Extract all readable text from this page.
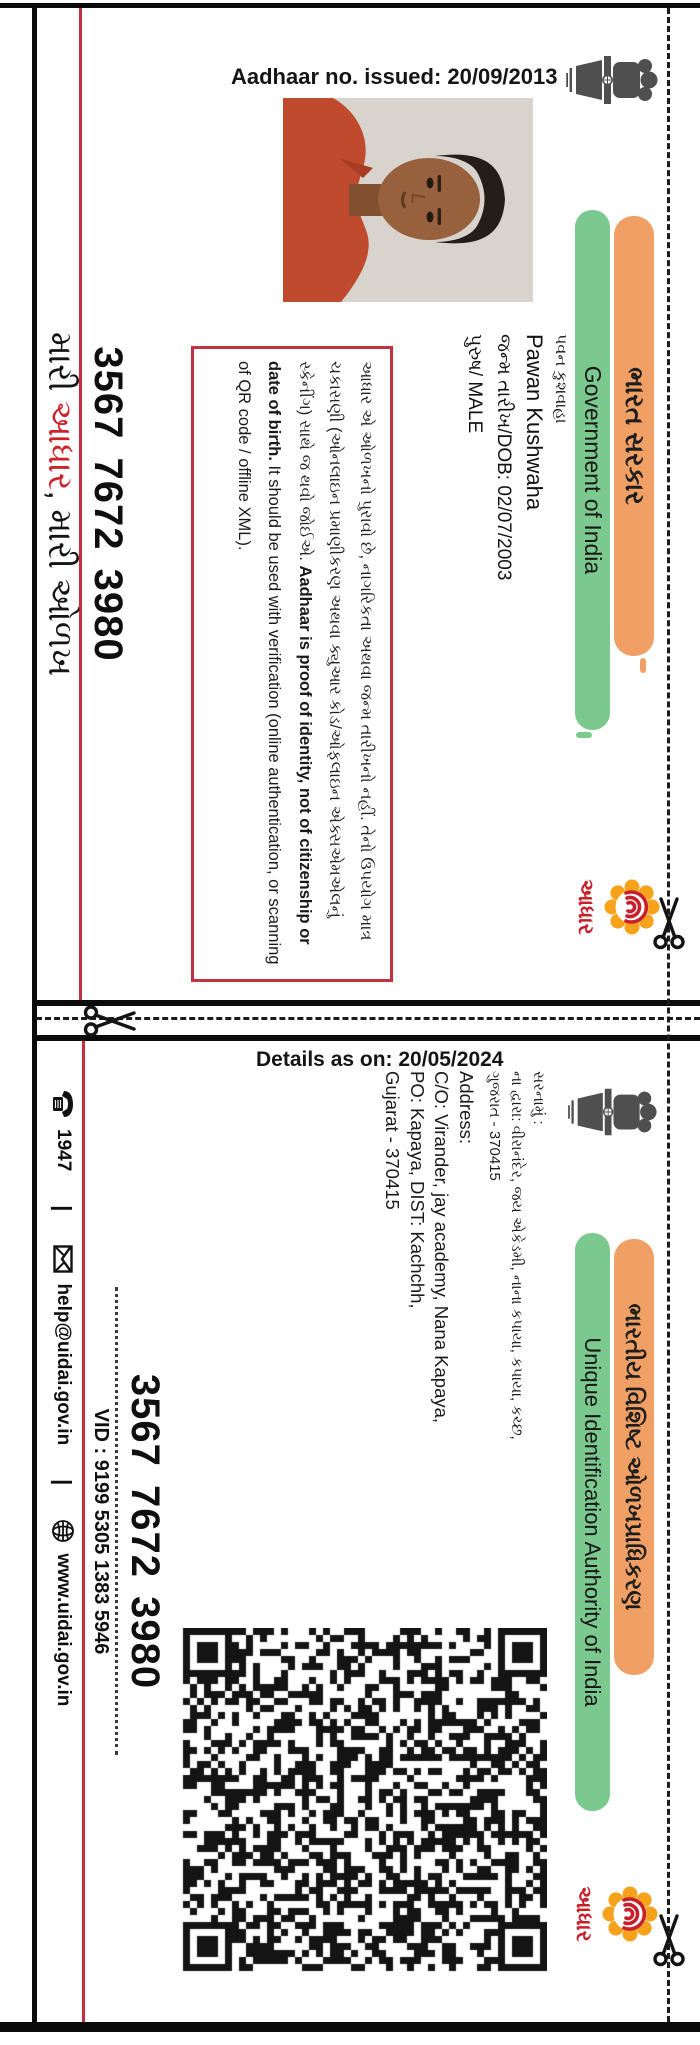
Aadhaar no. issued: 20/09/2013
Details as on: 20/05/2024
ભારત સરકાર
Government of India
આધાર
પવન કુશવાહા
Pawan Kushwaha
જન્મ તારીખ/DOB: 02/07/2003
પુરુષ/ MALE
આધાર એ ઓળખનો પુરાવો છે, નાગરિકતા અથવા જન્મ તારીખનો નહીં. તેનો ઉપયોગ માત્ર ચકાસણી (ઓનલાઇન પ્રમાણીકરણ અથવા ક્યુઆર કોડ/ઓફલાઇન એક્સએમએલનું સ્કેનીંગ) સાથે જ થવો જોઈએ. Aadhaar is proof of identity, not of citizenship or date of birth. It should be used with verification (online authentication, or scanning of QR code / offline XML).
3567 7672 3980
મારી આધાર, મારી ઓળખ
ભારતીય વિશિષ્ટ ઓળખપ્રાધિકરણ
Unique Identification Authority of India
આધાર
સરનામું :
ના દ્વારા: વીરાનંદેર, જય એકેડમી, નાના કપાયા, કપાયા, કચ્છ,
ગુજરાત - 370415
Address:
C/O: Virander, jay academy, Nana Kapaya,
PO: Kapaya, DIST: Kachchh,
Gujarat - 370415
3567 7672 3980
VID : 9199 5305 1383 5946
1947
|
help@uidai.gov.in
|
www.uidai.gov.in
